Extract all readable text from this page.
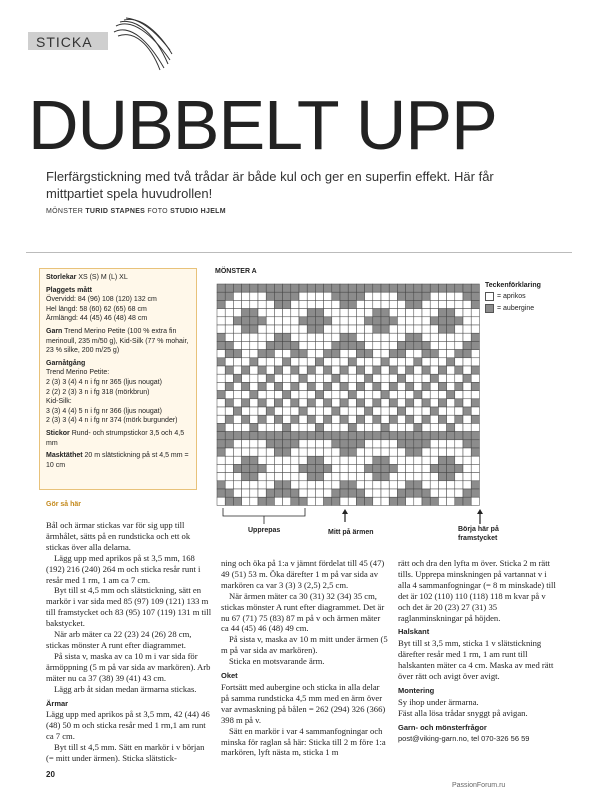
STICKA
DUBBELT UPP
Flerfärgstickning med två trådar är både kul och ger en superfin effekt. Här får mittpartiet spela huvudrollen!
MÖNSTER TURID STAPNES FOTO STUDIO HJELM
Storlekar XS (S) M (L) XL
Plaggets mått
Övervidd: 84 (96) 108 (120) 132 cm
Hel längd: 58 (60) 62 (65) 68 cm
Ärmlängd: 44 (45) 46 (48) 48 cm
Garn Trend Merino Petite (100 % extra fin merinoull, 235 m/50 g), Kid-Silk (77 % mohair, 23 % silke, 200 m/25 g)
Garnåtgång
Trend Merino Petite:
2 (3) 3 (4) 4 n i fg nr 365 (ljus nougat)
2 (2) 2 (3) 3 n i fg 318 (mörkbrun)
Kid-Silk:
3 (3) 4 (4) 5 n i fg nr 366 (ljus nougat)
2 (3) 3 (4) 4 n i fg nr 374 (mörk burgunder)
Stickor Rund- och strumpstickor 3,5 och 4,5 mm
Masktäthet 20 m slätstickning på st 4,5 mm = 10 cm
MÖNSTER A
Teckenförklaring
= aprikos
= aubergine
Upprepas	Mitt på ärmen	Börja här på framstycket
Gör så här

Bål och ärmar stickas var för sig upp till ärmhålet, sätts på en rundsticka och ett ok stickas över alla delarna.

Lägg upp med aprikos på st 3,5 mm, 168 (192) 216 (240) 264 m och sticka resår runt i resår med 1 rm, 1 am ca 7 cm.

Byt till st 4,5 mm och slätstickning, sätt en markör i var sida med 85 (97) 109 (121) 133 m till framstycket och 83 (95) 107 (119) 131 m till bakstycket.

När arb mäter ca 22 (23) 24 (26) 28 cm, stickas mönster A runt efter diagrammet.

På sista v, maska av ca 10 m i var sida för ärmöppning (5 m på var sida av markören). Arb mäter nu ca 37 (38) 39 (41) 43 cm.

Lägg arb åt sidan medan ärmarna stickas.

Ärmar

Lägg upp med aprikos på st 3,5 mm, 42 (44) 46 (48) 50 m och sticka resår med 1 rm,1 am runt ca 7 cm.

Byt till st 4,5 mm. Sätt en markör i v början (= mitt under ärmen). Sticka slätstick-

ning och öka på 1:a v jämnt fördelat till 45 (47) 49 (51) 53 m. Öka därefter 1 m på var sida av markören ca var 3 (3) 3 (2,5) 2,5 cm.

När ärmen mäter ca 30 (31) 32 (34) 35 cm, stickas mönster A runt efter diagrammet. Det är nu 67 (71) 75 (83) 87 m på v och ärmen mäter ca 44 (45) 46 (48) 49 cm.

På sista v, maska av 10 m mitt under ärmen (5 m på var sida av markören).

Sticka en motsvarande ärm.

Oket

Fortsätt med aubergine och sticka in alla delar på samma rundsticka 4,5 mm med en ärm över var avmaskning på bålen = 262 (294) 326 (366) 398 m på v.

Sätt en markör i var 4 sammanfogningar och minska för raglan så här: Sticka till 2 m före 1:a markören, lyft nästa m, sticka 1 m

rätt och dra den lyfta m över. Sticka 2 m rätt tills. Upprepa minskningen på vartannat v i alla 4 sammanfogningar (= 8 m minskade) till det är 102 (110) 110 (118) 118 m kvar på v och det är 20 (23) 27 (31) 35 raglanminskningar på höjden.

Halskant

Byt till st 3,5 mm, sticka 1 v slätstickning därefter resår med 1 rm, 1 am runt till halskanten mäter ca 4 cm. Maska av med rätt över rätt och avigt över avigt.

Montering

Sy ihop under ärmarna.
Fäst alla lösa trådar snyggt på avigan.

Garn- och mönsterfrågor

post@viking-garn.no, tel 070-326 56 59

20
PassionForum.ru
